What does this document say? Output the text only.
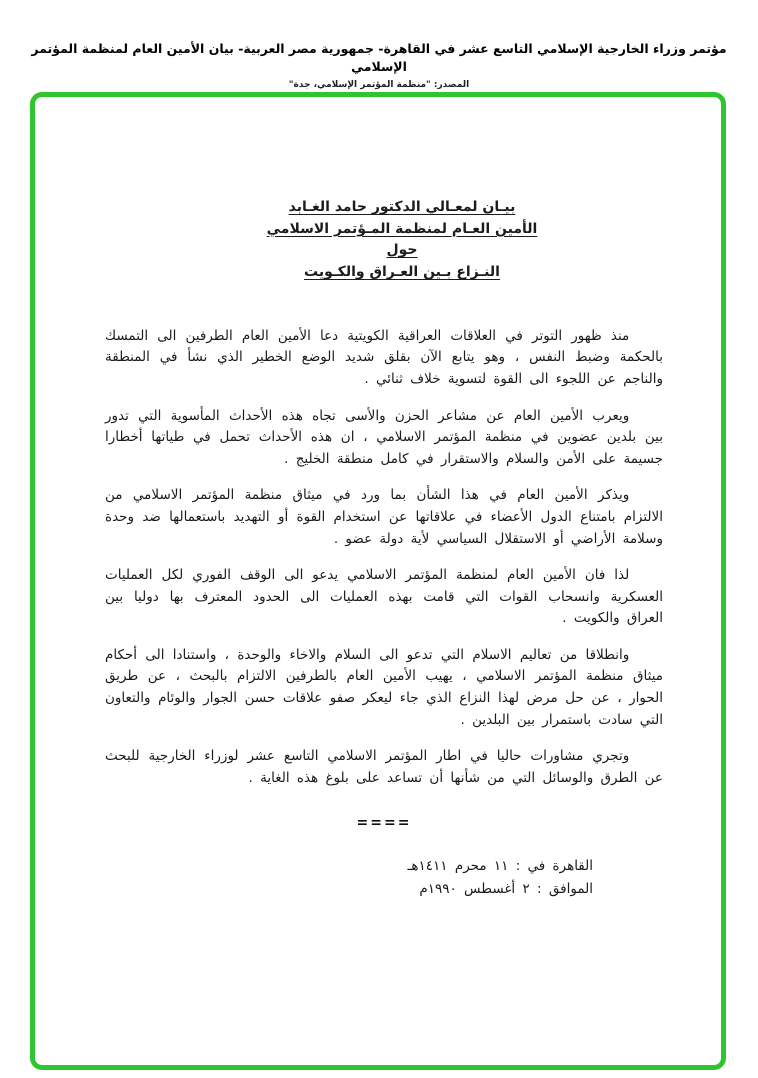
مؤتمر وزراء الخارجية الإسلامي التاسع عشر في القاهرة- جمهورية مصر العربية- بيان الأمين العام لمنظمة المؤتمر الإسلامي
المصدر: "منظمة المؤتمر الإسلامي، جدة"
بيـان لمعـالي الدكتور حامد الغـابد
الأمين العـام لمنظمة المـؤتمر الاسلامي
حول
النـزاع بـين العـراق والكـويت

منذ ظهور التوتر في العلاقات العراقية الكويتية دعا الأمين العام الطرفين الى التمسك بالحكمة وضبط النفس ، وهو يتابع الآن بقلق شديد الوضع الخطير الذي نشأ في المنطقة والناجم عن اللجوء الى القوة لتسوية خلاف ثنائي .

ويعرب الأمين العام عن مشاعر الحزن والأسى تجاه هذه الأحداث المأسوية التي تدور بين بلدين عضوين في منظمة المؤتمر الاسلامي ، ان هذه الأحداث تحمل في طياتها أخطارا جسيمة على الأمن والسلام والاستقرار في كامل منطقة الخليج .

ويذكر الأمين العام في هذا الشأن بما ورد في ميثاق منظمة المؤتمر الاسلامي من الالتزام بامتناع الدول الأعضاء في علاقاتها عن استخدام القوة أو التهديد باستعمالها ضد وحدة وسلامة الأراضي أو الاستقلال السياسي لأية دولة عضو .

لذا فان الأمين العام لمنظمة المؤتمر الاسلامي يدعو الى الوقف الفوري لكل العمليات العسكرية وانسحاب القوات التي قامت بهذه العمليات الى الحدود المعترف بها دوليا بين العراق والكويت .

وانطلاقا من تعاليم الاسلام التي تدعو الى السلام والاخاء والوحدة ، واستنادا الى أحكام ميثاق منظمة المؤتمر الاسلامي ، يهيب الأمين العام بالطرفين الالتزام بالبحث ، عن طريق الحوار ، عن حل مرض لهذا النزاع الذي جاء ليعكر صفو علاقات حسن الجوار والوئام والتعاون التي سادت باستمرار بين البلدين .

وتجري مشاورات حاليا في اطار المؤتمر الاسلامي التاسع عشر لوزراء الخارجية للبحث عن الطرق والوسائل التي من شأنها أن تساعد على بلوغ هذه الغاية .

====
القاهرة في : ١١ محرم ١٤١١هـ
الموافق : ٢ أغسطس ١٩٩٠م
